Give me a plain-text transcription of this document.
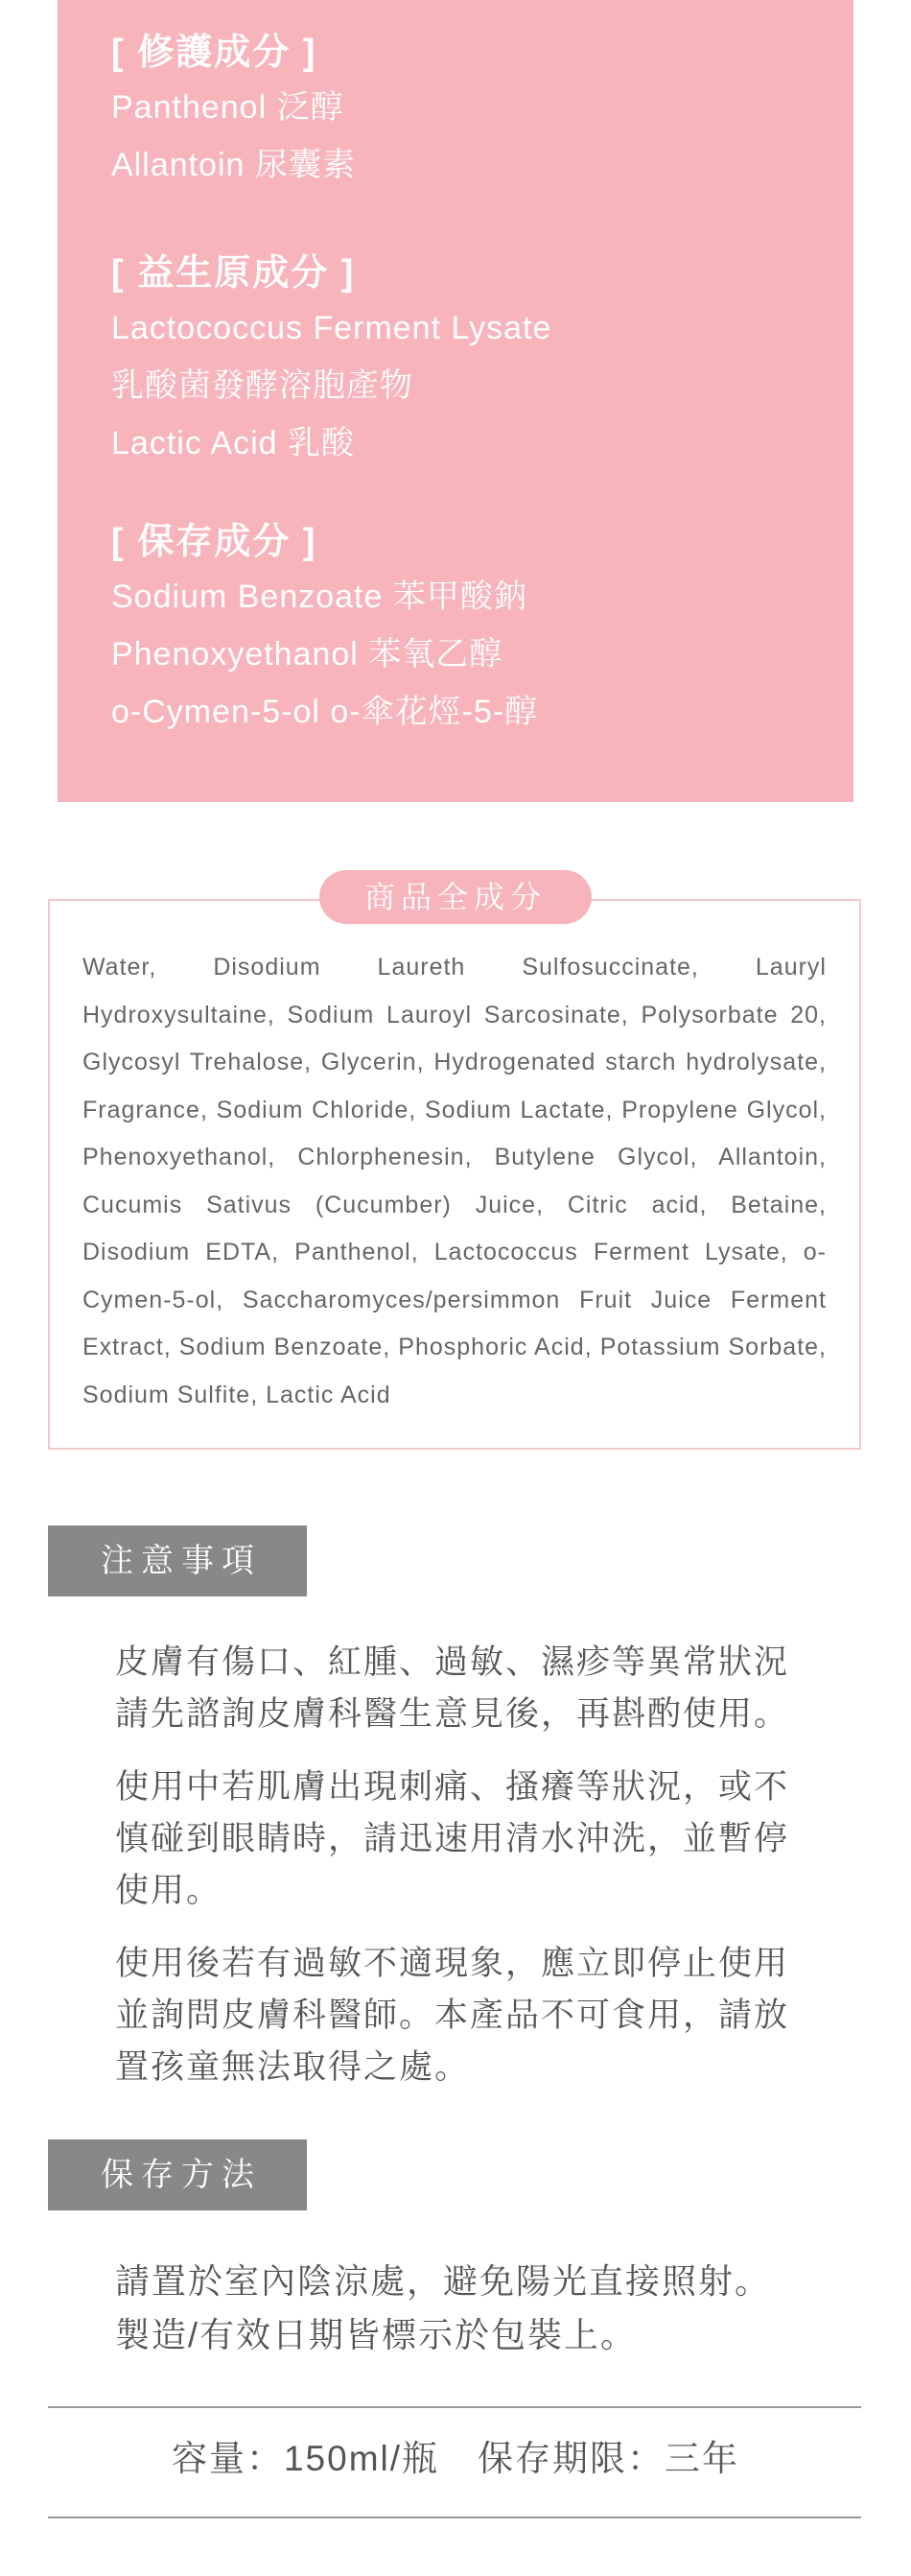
[ 修護成分 ]
Panthenol 泛醇
Allantoin 尿囊素
[ 益生原成分 ]
Lactococcus Ferment Lysate
乳酸菌發酵溶胞產物
Lactic Acid 乳酸
[ 保存成分 ]
Sodium Benzoate 苯甲酸鈉
Phenoxyethanol 苯氧乙醇
o-Cymen-5-ol o-傘花烴-5-醇
商品全成分

Water, Disodium Laureth Sulfosuccinate, Lauryl Hydroxysultaine, Sodium Lauroyl Sarcosinate, Polysorbate 20, Glycosyl Trehalose, Glycerin, Hydrogenated starch hydrolysate, Fragrance, Sodium Chloride, Sodium Lactate, Propylene Glycol, Phenoxyethanol, Chlorphenesin, Butylene Glycol, Allantoin, Cucumis Sativus (Cucumber) Juice, Citric acid, Betaine, Disodium EDTA, Panthenol, Lactococcus Ferment Lysate, o-Cymen-5-ol, Saccharomyces/persimmon Fruit Juice Ferment Extract, Sodium Benzoate, Phosphoric Acid, Potassium Sorbate, Sodium Sulfite, Lactic Acid

注意事項

皮膚有傷口、紅腫、過敏、濕疹等異常狀況請先諮詢皮膚科醫生意見後，再斟酌使用。

使用中若肌膚出現刺痛、搔癢等狀況，或不慎碰到眼睛時，請迅速用清水沖洗，並暫停使用。

使用後若有過敏不適現象，應立即停止使用並詢問皮膚科醫師。本產品不可食用，請放置孩童無法取得之處。

保存方法

請置於室內陰涼處，避免陽光直接照射。製造/有效日期皆標示於包裝上。

容量：150ml/瓶 保存期限：三年
